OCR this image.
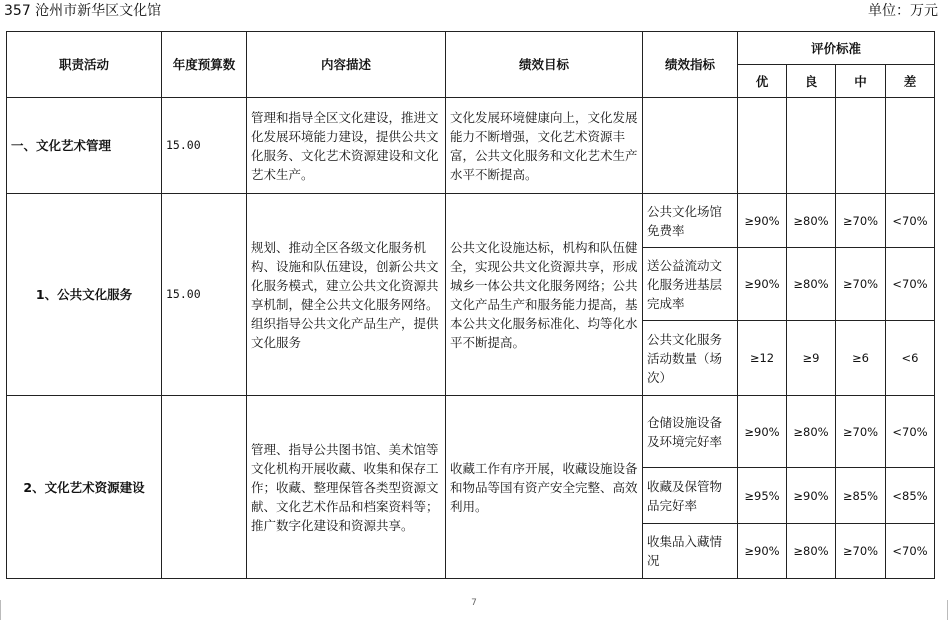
357 沧州市新华区文化馆	单位：万元
职责活动	年度预算数	内容描述	绩效目标	绩效指标	评价标准			
					优	良	中	差
一、文化艺术管理	15.00	管理和指导全区文化建设，推进文化发展环境能力建设，提供公共文化服务、文化艺术资源建设和文化艺术生产。	文化发展环境健康向上，文化发展能力不断增强，文化艺术资源丰富，公共文化服务和文化艺术生产水平不断提高。					
1、公共文化服务	15.00	规划、推动全区各级文化服务机构、设施和队伍建设，创新公共文化服务模式，建立公共文化资源共享机制，健全公共文化服务网络。组织指导公共文化产品生产，提供文化服务	公共文化设施达标，机构和队伍健全，实现公共文化资源共享，形成城乡一体公共文化服务网络；公共文化产品生产和服务能力提高，基本公共文化服务标准化、均等化水平不断提高。	公共文化场馆免费率	≥90%	≥80%	≥70%	<70%
				送公益流动文化服务进基层完成率	≥90%	≥80%	≥70%	<70%
				公共文化服务活动数量（场次）	≥12	≥9	≥6	<6
2、文化艺术资源建设		管理、指导公共图书馆、美术馆等文化机构开展收藏、收集和保存工作；收藏、整理保管各类型资源文献、文化艺术作品和档案资料等；推广数字化建设和资源共享。	收藏工作有序开展，收藏设施设备和物品等国有资产安全完整、高效利用。	仓储设施设备及环境完好率	≥90%	≥80%	≥70%	<70%
				收藏及保管物品完好率	≥95%	≥90%	≥85%	<85%
				收集品入藏情况	≥90%	≥80%	≥70%	<70%
7
